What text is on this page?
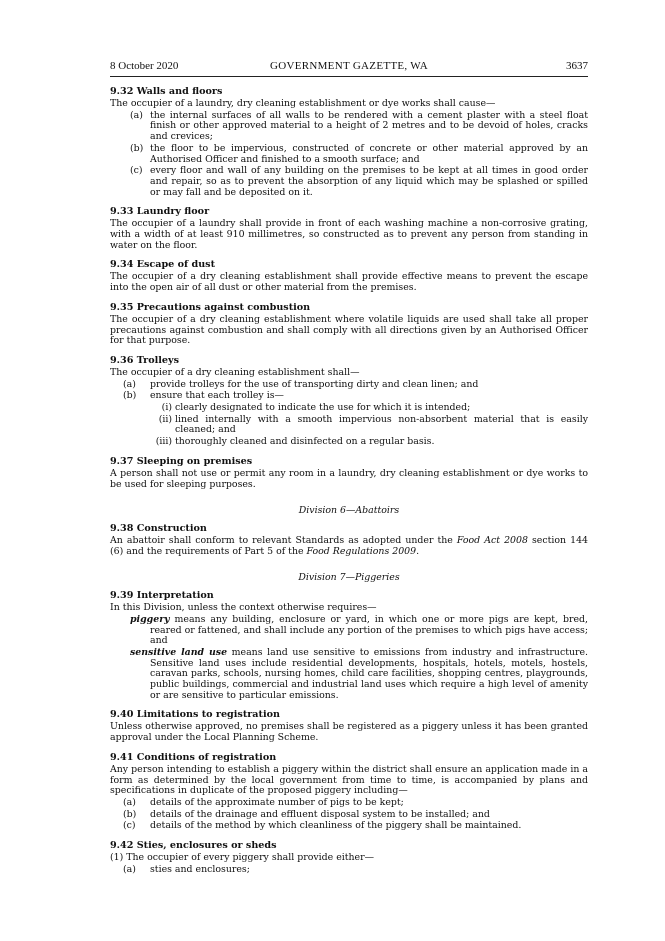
8 October 2020	GOVERNMENT GAZETTE, WA	3637
9.32 Walls and floors

The occupier of a laundry, dry cleaning establishment or dye works shall cause—

(a) the internal surfaces of all walls to be rendered with a cement plaster with a steel float finish or other approved material to a height of 2 metres and to be devoid of holes, cracks and crevices;
(b) the floor to be impervious, constructed of concrete or other material approved by an Authorised Officer and finished to a smooth surface; and
(c) every floor and wall of any building on the premises to be kept at all times in good order and repair, so as to prevent the absorption of any liquid which may be splashed or spilled or may fall and be deposited on it.
9.33 Laundry floor

The occupier of a laundry shall provide in front of each washing machine a non-corrosive grating, with a width of at least 910 millimetres, so constructed as to prevent any person from standing in water on the floor.

9.34 Escape of dust

The occupier of a dry cleaning establishment shall provide effective means to prevent the escape into the open air of all dust or other material from the premises.

9.35 Precautions against combustion

The occupier of a dry cleaning establishment where volatile liquids are used shall take all proper precautions against combustion and shall comply with all directions given by an Authorised Officer for that purpose.

9.36 Trolleys

The occupier of a dry cleaning establishment shall—

(a) provide trolleys for the use of transporting dirty and clean linen; and
(b) ensure that each trolley is—
(i) clearly designated to indicate the use for which it is intended;
(ii) lined internally with a smooth impervious non-absorbent material that is easily cleaned; and
(iii) thoroughly cleaned and disinfected on a regular basis.
9.37 Sleeping on premises

A person shall not use or permit any room in a laundry, dry cleaning establishment or dye works to be used for sleeping purposes.

Division 6—Abattoirs
9.38 Construction

An abattoir shall conform to relevant Standards as adopted under the Food Act 2008 section 144 (6) and the requirements of Part 5 of the Food Regulations 2009.

Division 7—Piggeries
9.39 Interpretation

In this Division, unless the context otherwise requires—

piggery means any building, enclosure or yard, in which one or more pigs are kept, bred, reared or fattened, and shall include any portion of the premises to which pigs have access; and

sensitive land use means land use sensitive to emissions from industry and infrastructure. Sensitive land uses include residential developments, hospitals, hotels, motels, hostels, caravan parks, schools, nursing homes, child care facilities, shopping centres, playgrounds, public buildings, commercial and industrial land uses which require a high level of amenity or are sensitive to particular emissions.

9.40 Limitations to registration

Unless otherwise approved, no premises shall be registered as a piggery unless it has been granted approval under the Local Planning Scheme.

9.41 Conditions of registration

Any person intending to establish a piggery within the district shall ensure an application made in a form as determined by the local government from time to time, is accompanied by plans and specifications in duplicate of the proposed piggery including—

(a) details of the approximate number of pigs to be kept;
(b) details of the drainage and effluent disposal system to be installed; and
(c) details of the method by which cleanliness of the piggery shall be maintained.
9.42 Sties, enclosures or sheds

(1) The occupier of every piggery shall provide either—

(a) sties and enclosures;
